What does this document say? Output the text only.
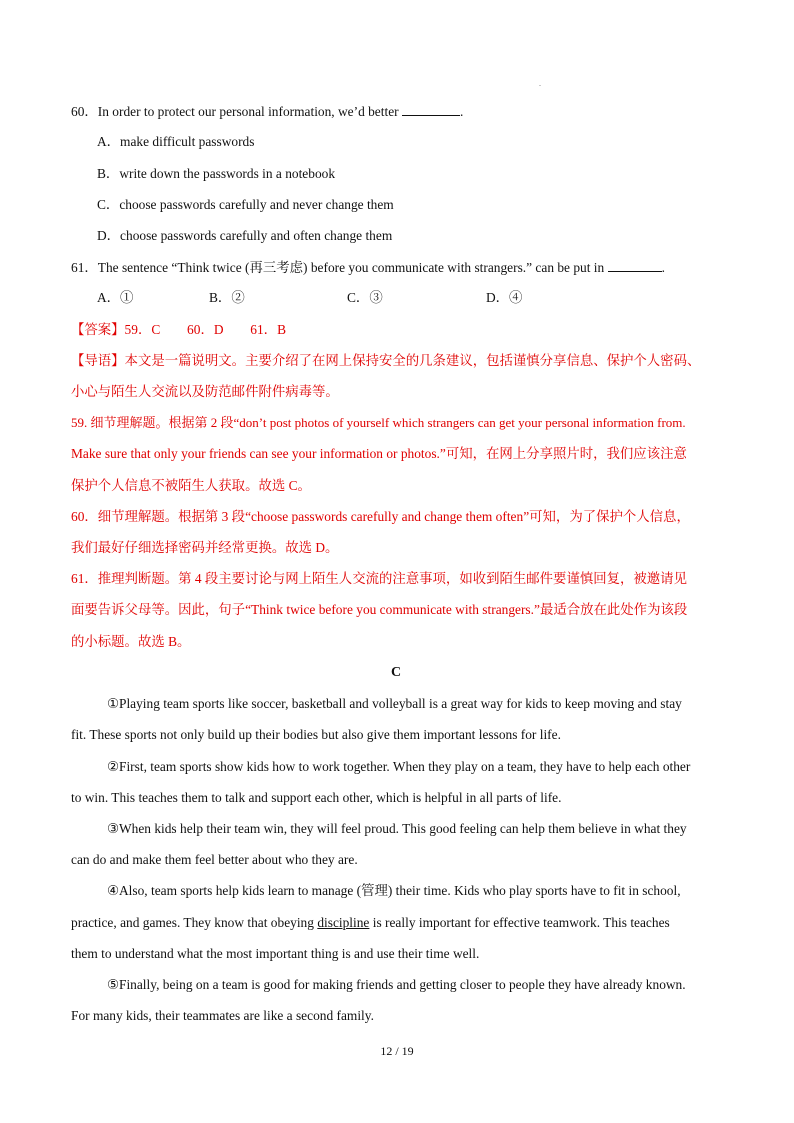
.
60．In order to protect our personal information, we’d better	.
A．make difficult passwords
B．write down the passwords in a notebook
C．choose passwords carefully and never change them
D．choose passwords carefully and often change them
61．The sentence “Think twice (再三考虑) before you communicate with strangers.” can be put in	.
A．①	B．②	C．③	D．④
【答案】59．C　　60．D　　61．B
【导语】本文是一篇说明文。主要介绍了在网上保持安全的几条建议，包括谨慎分享信息、保护个人密码、
小心与陌生人交流以及防范邮件附件病毒等。
59. 细节理解题。根据第 2 段“don’t post photos of yourself which strangers can get your personal information from.
Make sure that only your friends can see your information or photos.”可知，在网上分享照片时，我们应该注意
保护个人信息不被陌生人获取。故选 C。
60．细节理解题。根据第 3 段“choose passwords carefully and change them often”可知，为了保护个人信息，
我们最好仔细选择密码并经常更换。故选 D。
61．推理判断题。第 4 段主要讨论与网上陌生人交流的注意事项，如收到陌生邮件要谨慎回复，被邀请见
面要告诉父母等。因此，句子“Think twice before you communicate with strangers.”最适合放在此处作为该段
的小标题。故选 B。
C
①Playing team sports like soccer, basketball and volleyball is a great way for kids to keep moving and stay
fit. These sports not only build up their bodies but also give them important lessons for life.
②First, team sports show kids how to work together. When they play on a team, they have to help each other
to win. This teaches them to talk and support each other, which is helpful in all parts of life.
③When kids help their team win, they will feel proud. This good feeling can help them believe in what they
can do and make them feel better about who they are.
④Also, team sports help kids learn to manage (管理) their time. Kids who play sports have to fit in school,
practice, and games. They know that obeying discipline is really important for effective teamwork. This teaches
them to understand what the most important thing is and use their time well.
⑤Finally, being on a team is good for making friends and getting closer to people they have already known.
For many kids, their teammates are like a second family.
12 / 19
